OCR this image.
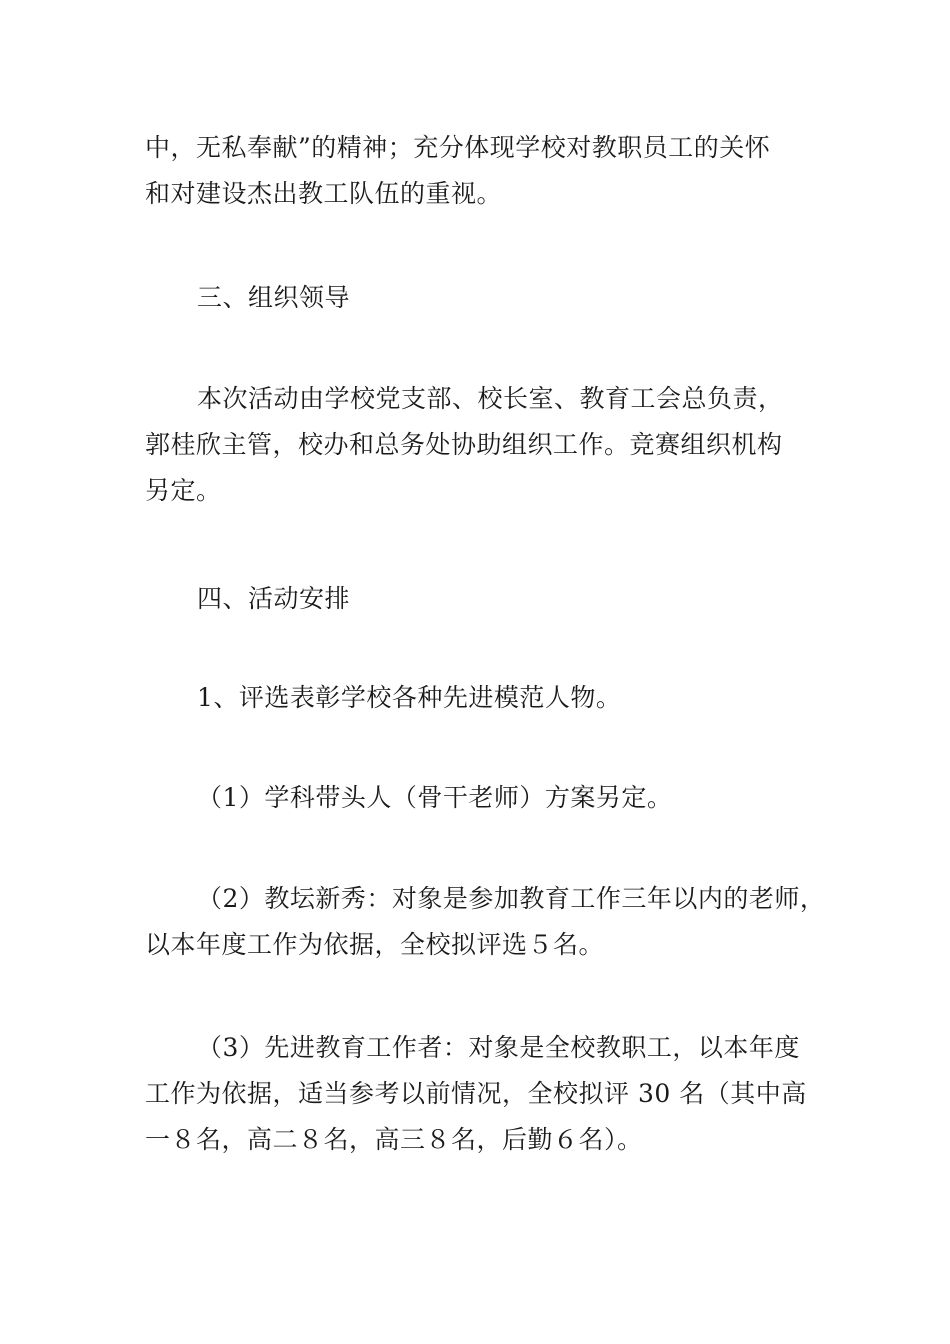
中，无私奉献”的精神；充分体现学校对教职员工的关怀
和对建设杰出教工队伍的重视。

三、组织领导

本次活动由学校党支部、校长室、教育工会总负责，
郭桂欣主管，校办和总务处协助组织工作。竞赛组织机构
另定。

四、活动安排

1、评选表彰学校各种先进模范人物。

（1）学科带头人（骨干老师）方案另定。

（2）教坛新秀：对象是参加教育工作三年以内的老师，
以本年度工作为依据，全校拟评选５名。

（3）先进教育工作者：对象是全校教职工，以本年度
工作为依据，适当参考以前情况，全校拟评 30 名（其中高
一８名，高二８名，高三８名，后勤６名）。
